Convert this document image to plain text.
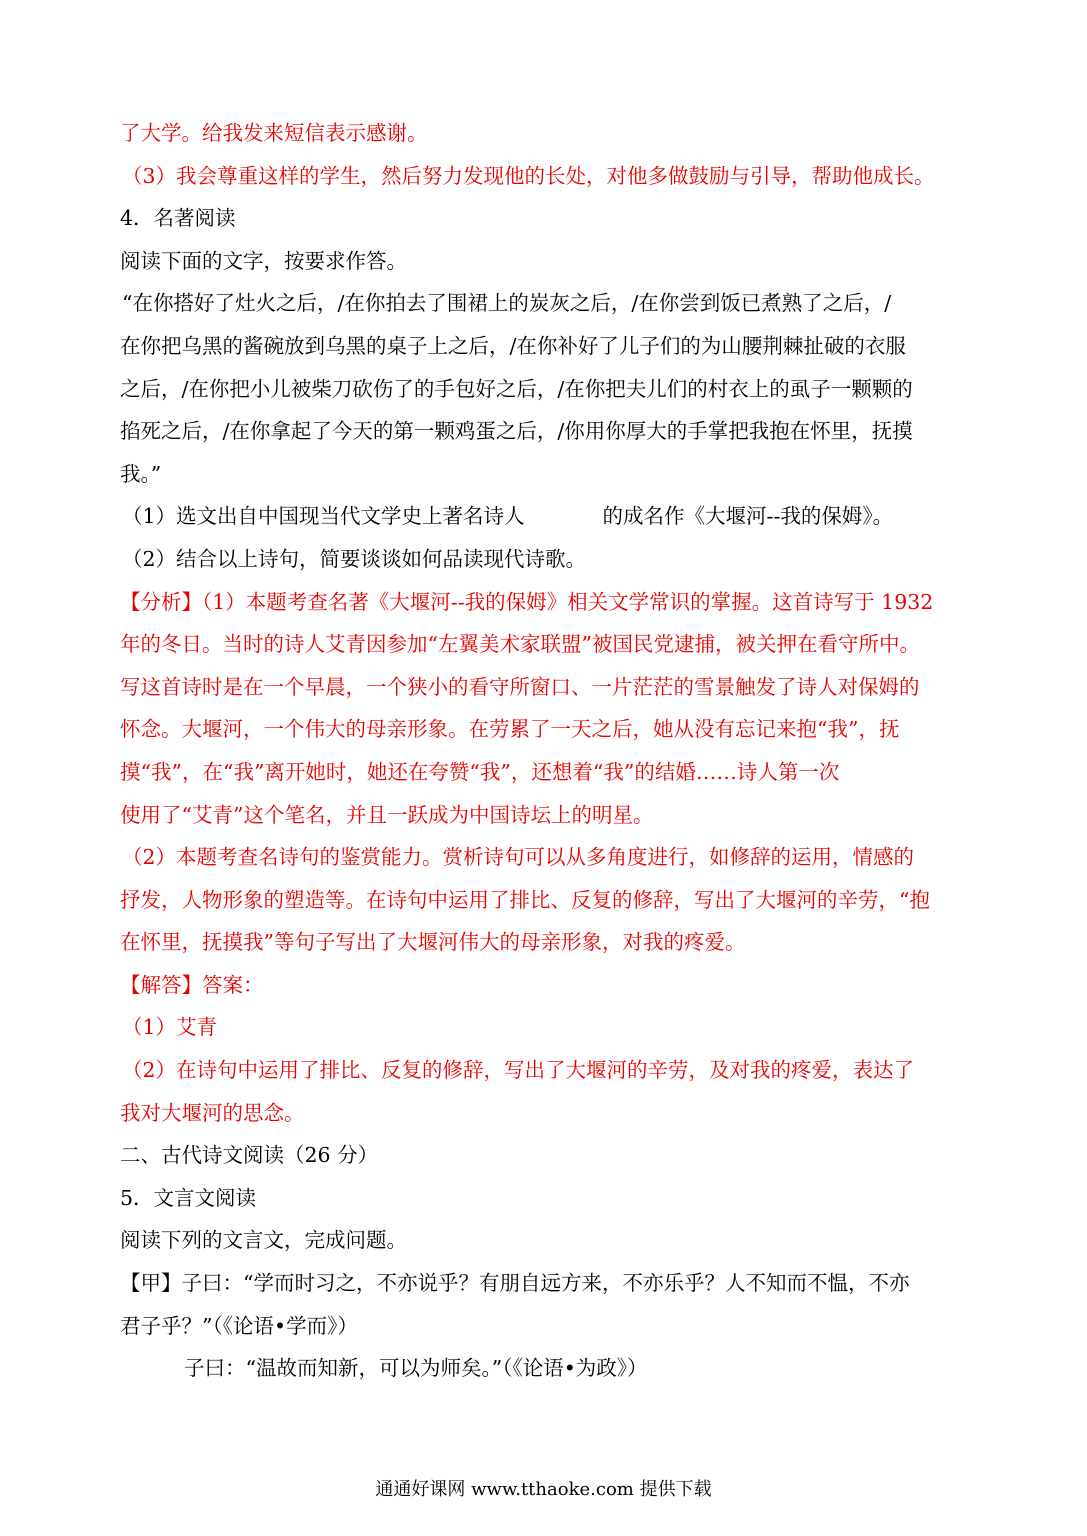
了大学。给我发来短信表示感谢。
（3）我会尊重这样的学生，然后努力发现他的长处，对他多做鼓励与引导，帮助他成长。
4．名著阅读
阅读下面的文字，按要求作答。
“在你搭好了灶火之后，/在你拍去了围裙上的炭灰之后，/在你尝到饭已煮熟了之后，/
在你把乌黑的酱碗放到乌黑的桌子上之后，/在你补好了儿子们的为山腰荆棘扯破的衣服
之后，/在你把小儿被柴刀砍伤了的手包好之后，/在你把夫儿们的村衣上的虱子一颗颗的
掐死之后，/在你拿起了今天的第一颗鸡蛋之后，/你用你厚大的手掌把我抱在怀里，抚摸
我。”
（1）选文出自中国现当代文学史上著名诗人	的成名作《大堰河--我的保姆》。
（2）结合以上诗句，简要谈谈如何品读现代诗歌。
【分析】（1）本题考查名著《大堰河--我的保姆》相关文学常识的掌握。这首诗写于 1932
年的冬日。当时的诗人艾青因参加“左翼美术家联盟”被国民党逮捕，被关押在看守所中。
写这首诗时是在一个早晨，一个狭小的看守所窗口、一片茫茫的雪景触发了诗人对保姆的
怀念。大堰河，一个伟大的母亲形象。在劳累了一天之后，她从没有忘记来抱“我”，抚
摸“我”，在“我”离开她时，她还在夸赞“我”，还想着“我”的结婚……诗人第一次
使用了“艾青”这个笔名，并且一跃成为中国诗坛上的明星。
（2）本题考查名诗句的鉴赏能力。赏析诗句可以从多角度进行，如修辞的运用，情感的
抒发，人物形象的塑造等。在诗句中运用了排比、反复的修辞，写出了大堰河的辛劳，“抱
在怀里，抚摸我”等句子写出了大堰河伟大的母亲形象，对我的疼爱。
【解答】答案：
（1）艾青
（2）在诗句中运用了排比、反复的修辞，写出了大堰河的辛劳，及对我的疼爱，表达了
我对大堰河的思念。
二、古代诗文阅读（26 分）
5．文言文阅读
阅读下列的文言文，完成问题。
【甲】子曰：“学而时习之，不亦说乎？有朋自远方来，不亦乐乎？人不知而不愠，不亦
君子乎？”（《论语•学而》）
子曰：“温故而知新，可以为师矣。”（《论语•为政》）
通通好课网 www.tthaoke.com 提供下载
